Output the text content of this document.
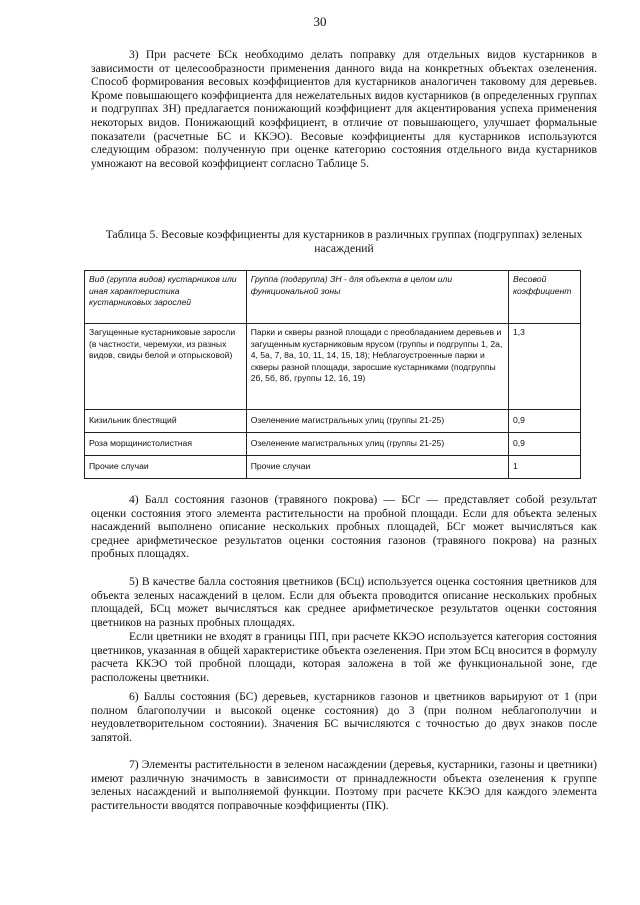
30

3) При расчете БСк необходимо делать поправку для отдельных видов кустарников в зависимости от целесообразности применения данного вида на конкретных объектах озеленения. Способ формирования весовых коэффициентов для кустарников аналогичен таковому для деревьев. Кроме повышающего коэффициента для нежелательных видов кустарников (в определенных группах и подгруппах ЗН) предлагается понижающий коэффициент для акцентирования успеха применения некоторых видов. Понижающий коэффициент, в отличие от повышающего, улучшает формальные показатели (расчетные БС и ККЭО). Весовые коэффициенты для кустарников используются следующим образом: полученную при оценке категорию состояния отдельного вида кустарников умножают на весовой коэффициент согласно Таблице 5.

Таблица 5. Весовые коэффициенты для кустарников в различных группах (подгруппах) зеленых насаждений

Вид (группа видов) кустарников или иная характеристика кустарниковых зарослей	Группа (подгруппа) ЗН - для объекта в целом или функциональной зоны	Весовой коэффициент
Загущенные кустарниковые заросли (в частности, черемухи, из разных видов, свиды белой и отпрысковой)	Парки и скверы разной площади с преобладанием деревьев и загущенным кустарниковым ярусом (группы и подгруппы 1, 2а, 4, 5а, 7, 8а, 10, 11, 14, 15, 18); Неблагоустроенные парки и скверы разной площади, заросшие кустарниками (подгруппы 2б, 5б, 8б, группы 12, 16, 19)	1,3
Кизильник блестящий	Озеленение магистральных улиц (группы 21-25)	0,9
Роза морщинистолистная	Озеленение магистральных улиц (группы 21-25)	0,9
Прочие случаи	Прочие случаи	1

4) Балл состояния газонов (травяного покрова) — БСг — представляет собой результат оценки состояния этого элемента растительности на пробной площади. Если для объекта зеленых насаждений выполнено описание нескольких пробных площадей, БСг может вычисляться как среднее арифметическое результатов оценки состояния газонов (травяного покрова) на разных пробных площадях.

5) В качестве балла состояния цветников (БСц) используется оценка состояния цветников для объекта зеленых насаждений в целом. Если для объекта проводится описание нескольких пробных площадей, БСц может вычисляться как среднее арифметическое результатов оценки состояния цветников на разных пробных площадях.

Если цветники не входят в границы ПП, при расчете ККЭО используется категория состояния цветников, указанная в общей характеристике объекта озеленения. При этом БСц вносится в формулу расчета ККЭО той пробной площади, которая заложена в той же функциональной зоне, где расположены цветники.

6) Баллы состояния (БС) деревьев, кустарников газонов и цветников варьируют от 1 (при полном благополучии и высокой оценке состояния) до 3 (при полном неблагополучии и неудовлетворительном состоянии). Значения БС вычисляются с точностью до двух знаков после запятой.

7) Элементы растительности в зеленом насаждении (деревья, кустарники, газоны и цветники) имеют различную значимость в зависимости от принадлежности объекта озеленения к группе зеленых насаждений и выполняемой функции. Поэтому при расчете ККЭО для каждого элемента растительности вводятся поправочные коэффициенты (ПК).
